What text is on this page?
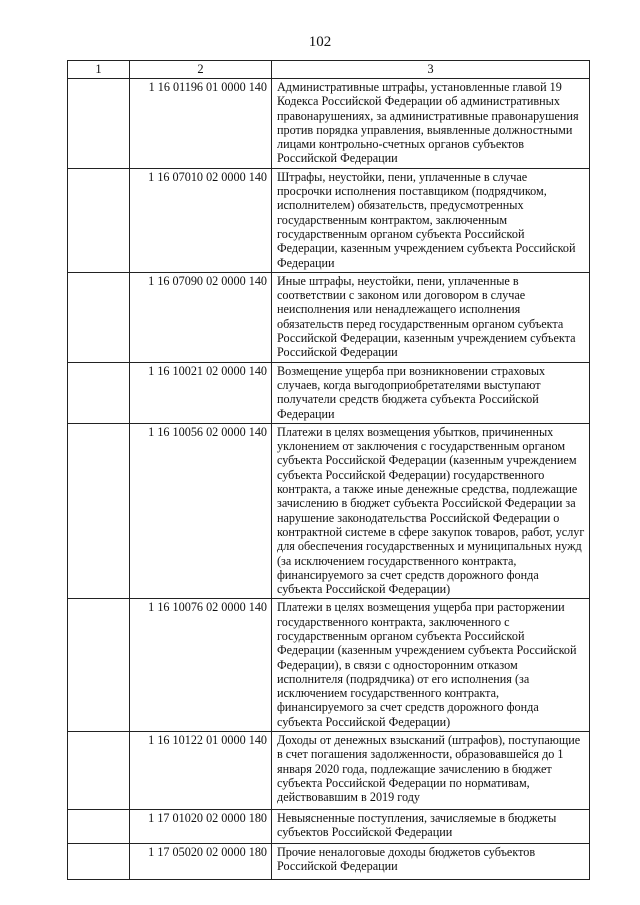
102
1	2	3
	1 16 01196 01 0000 140	Административные штрафы, установленные главой 19 Кодекса Российской Федерации об административных правонарушениях, за административные правонарушения против порядка управления, выявленные должностными лицами контрольно-счетных органов субъектов Российской Федерации
	1 16 07010 02 0000 140	Штрафы, неустойки, пени, уплаченные в случае просрочки исполнения поставщиком (подрядчиком, исполнителем) обязательств, предусмотренных государственным контрактом, заключенным государственным органом субъекта Российской Федерации, казенным учреждением субъекта Российской Федерации
	1 16 07090 02 0000 140	Иные штрафы, неустойки, пени, уплаченные в соответствии с законом или договором в случае неисполнения или ненадлежащего исполнения обязательств перед государственным органом субъекта Российской Федерации, казенным учреждением субъекта Российской Федерации
	1 16 10021 02 0000 140	Возмещение ущерба при возникновении страховых случаев, когда выгодоприобретателями выступают получатели средств бюджета субъекта Российской Федерации
	1 16 10056 02 0000 140	Платежи в целях возмещения убытков, причиненных уклонением от заключения с государственным органом субъекта Российской Федерации (казенным учреждением субъекта Российской Федерации) государственного контракта, а также иные денежные средства, подлежащие зачислению в бюджет субъекта Российской Федерации за нарушение законодательства Российской Федерации о контрактной системе в сфере закупок товаров, работ, услуг для обеспечения государственных и муниципальных нужд (за исключением государственного контракта, финансируемого за счет средств дорожного фонда субъекта Российской Федерации)
	1 16 10076 02 0000 140	Платежи в целях возмещения ущерба при расторжении государственного контракта, заключенного с государственным органом субъекта Российской Федерации (казенным учреждением субъекта Российской Федерации), в связи с односторонним отказом исполнителя (подрядчика) от его исполнения (за исключением государственного контракта, финансируемого за счет средств дорожного фонда субъекта Российской Федерации)
	1 16 10122 01 0000 140	Доходы от денежных взысканий (штрафов), поступающие в счет погашения задолженности, образовавшейся до 1 января 2020 года, подлежащие зачислению в бюджет субъекта Российской Федерации по нормативам, действовавшим в 2019 году
	1 17 01020 02 0000 180	Невыясненные поступления, зачисляемые в бюджеты субъектов Российской Федерации
	1 17 05020 02 0000 180	Прочие неналоговые доходы бюджетов субъектов Российской Федерации
